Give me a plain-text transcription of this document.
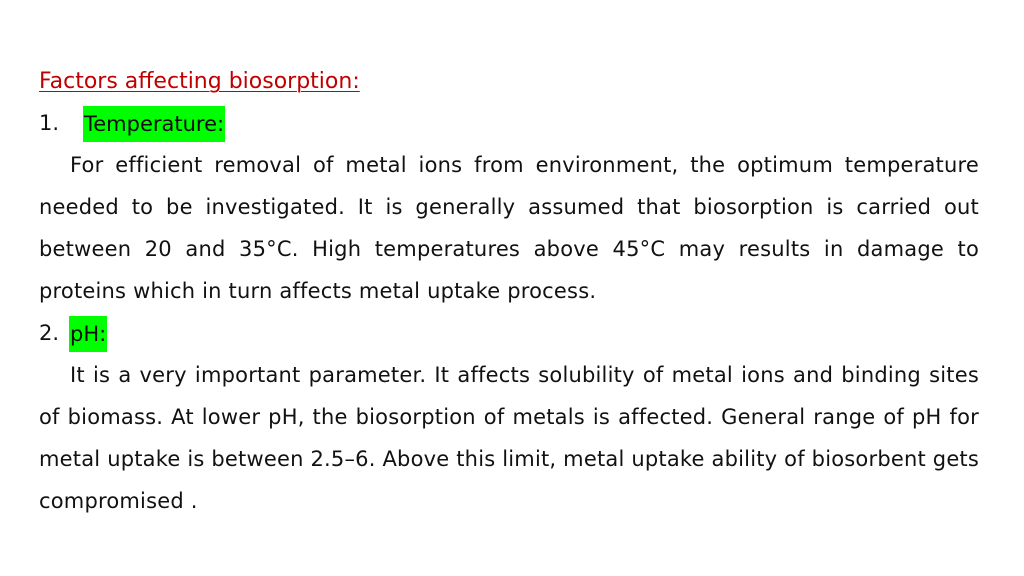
Factors affecting biosorption:
1. Temperature:
For efficient removal of metal ions from environment, the optimum temperature needed to be investigated. It is generally assumed that biosorption is carried out between 20 and 35°C. High temperatures above 45°C may results in damage to proteins which in turn affects metal uptake process.
2. pH:
It is a very important parameter. It affects solubility of metal ions and binding sites of biomass. At lower pH, the biosorption of metals is affected. General range of pH for metal uptake is between 2.5–6. Above this limit, metal uptake ability of biosorbent gets compromised .
